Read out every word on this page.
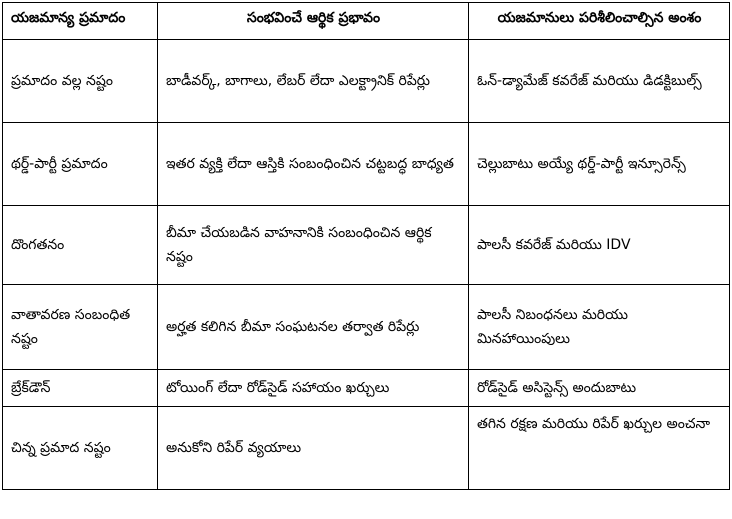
యజమాన్య ప్రమాదం	సంభవించే ఆర్థిక ప్రభావం	యజమానులు పరిశీలించాల్సిన అంశం
ప్రమాదం వల్ల నష్టం	బాడీవర్క్, బాగాలు, లేబర్ లేదా ఎలక్ట్రానిక్ రిపేర్లు	ఓన్-డ్యామేజ్ కవరేజ్ మరియు డిడక్టిబుల్స్
థర్డ్-పార్టీ ప్రమాదం	ఇతర వ్యక్తి లేదా ఆస్తికి సంబంధించిన చట్టబద్ధ బాధ్యత	చెల్లుబాటు అయ్యే థర్డ్-పార్టీ ఇన్సూరెన్స్
దొంగతనం	బీమా చేయబడిన వాహనానికి సంబంధించిన ఆర్థిక నష్టం	పాలసీ కవరేజ్ మరియు IDV
వాతావరణ సంబంధిత నష్టం	అర్హత కలిగిన బీమా సంఘటనల తర్వాత రిపేర్లు	పాలసీ నిబంధనలు మరియు మినహాయింపులు
బ్రేక్‌డౌన్	టోయింగ్ లేదా రోడ్‌సైడ్ సహాయం ఖర్చులు	రోడ్‌సైడ్ అసిస్టెన్స్ అందుబాటు
చిన్న ప్రమాద నష్టం	అనుకోని రిపేర్ వ్యయాలు	తగిన రక్షణ మరియు రిపేర్ ఖర్చుల అంచనా
